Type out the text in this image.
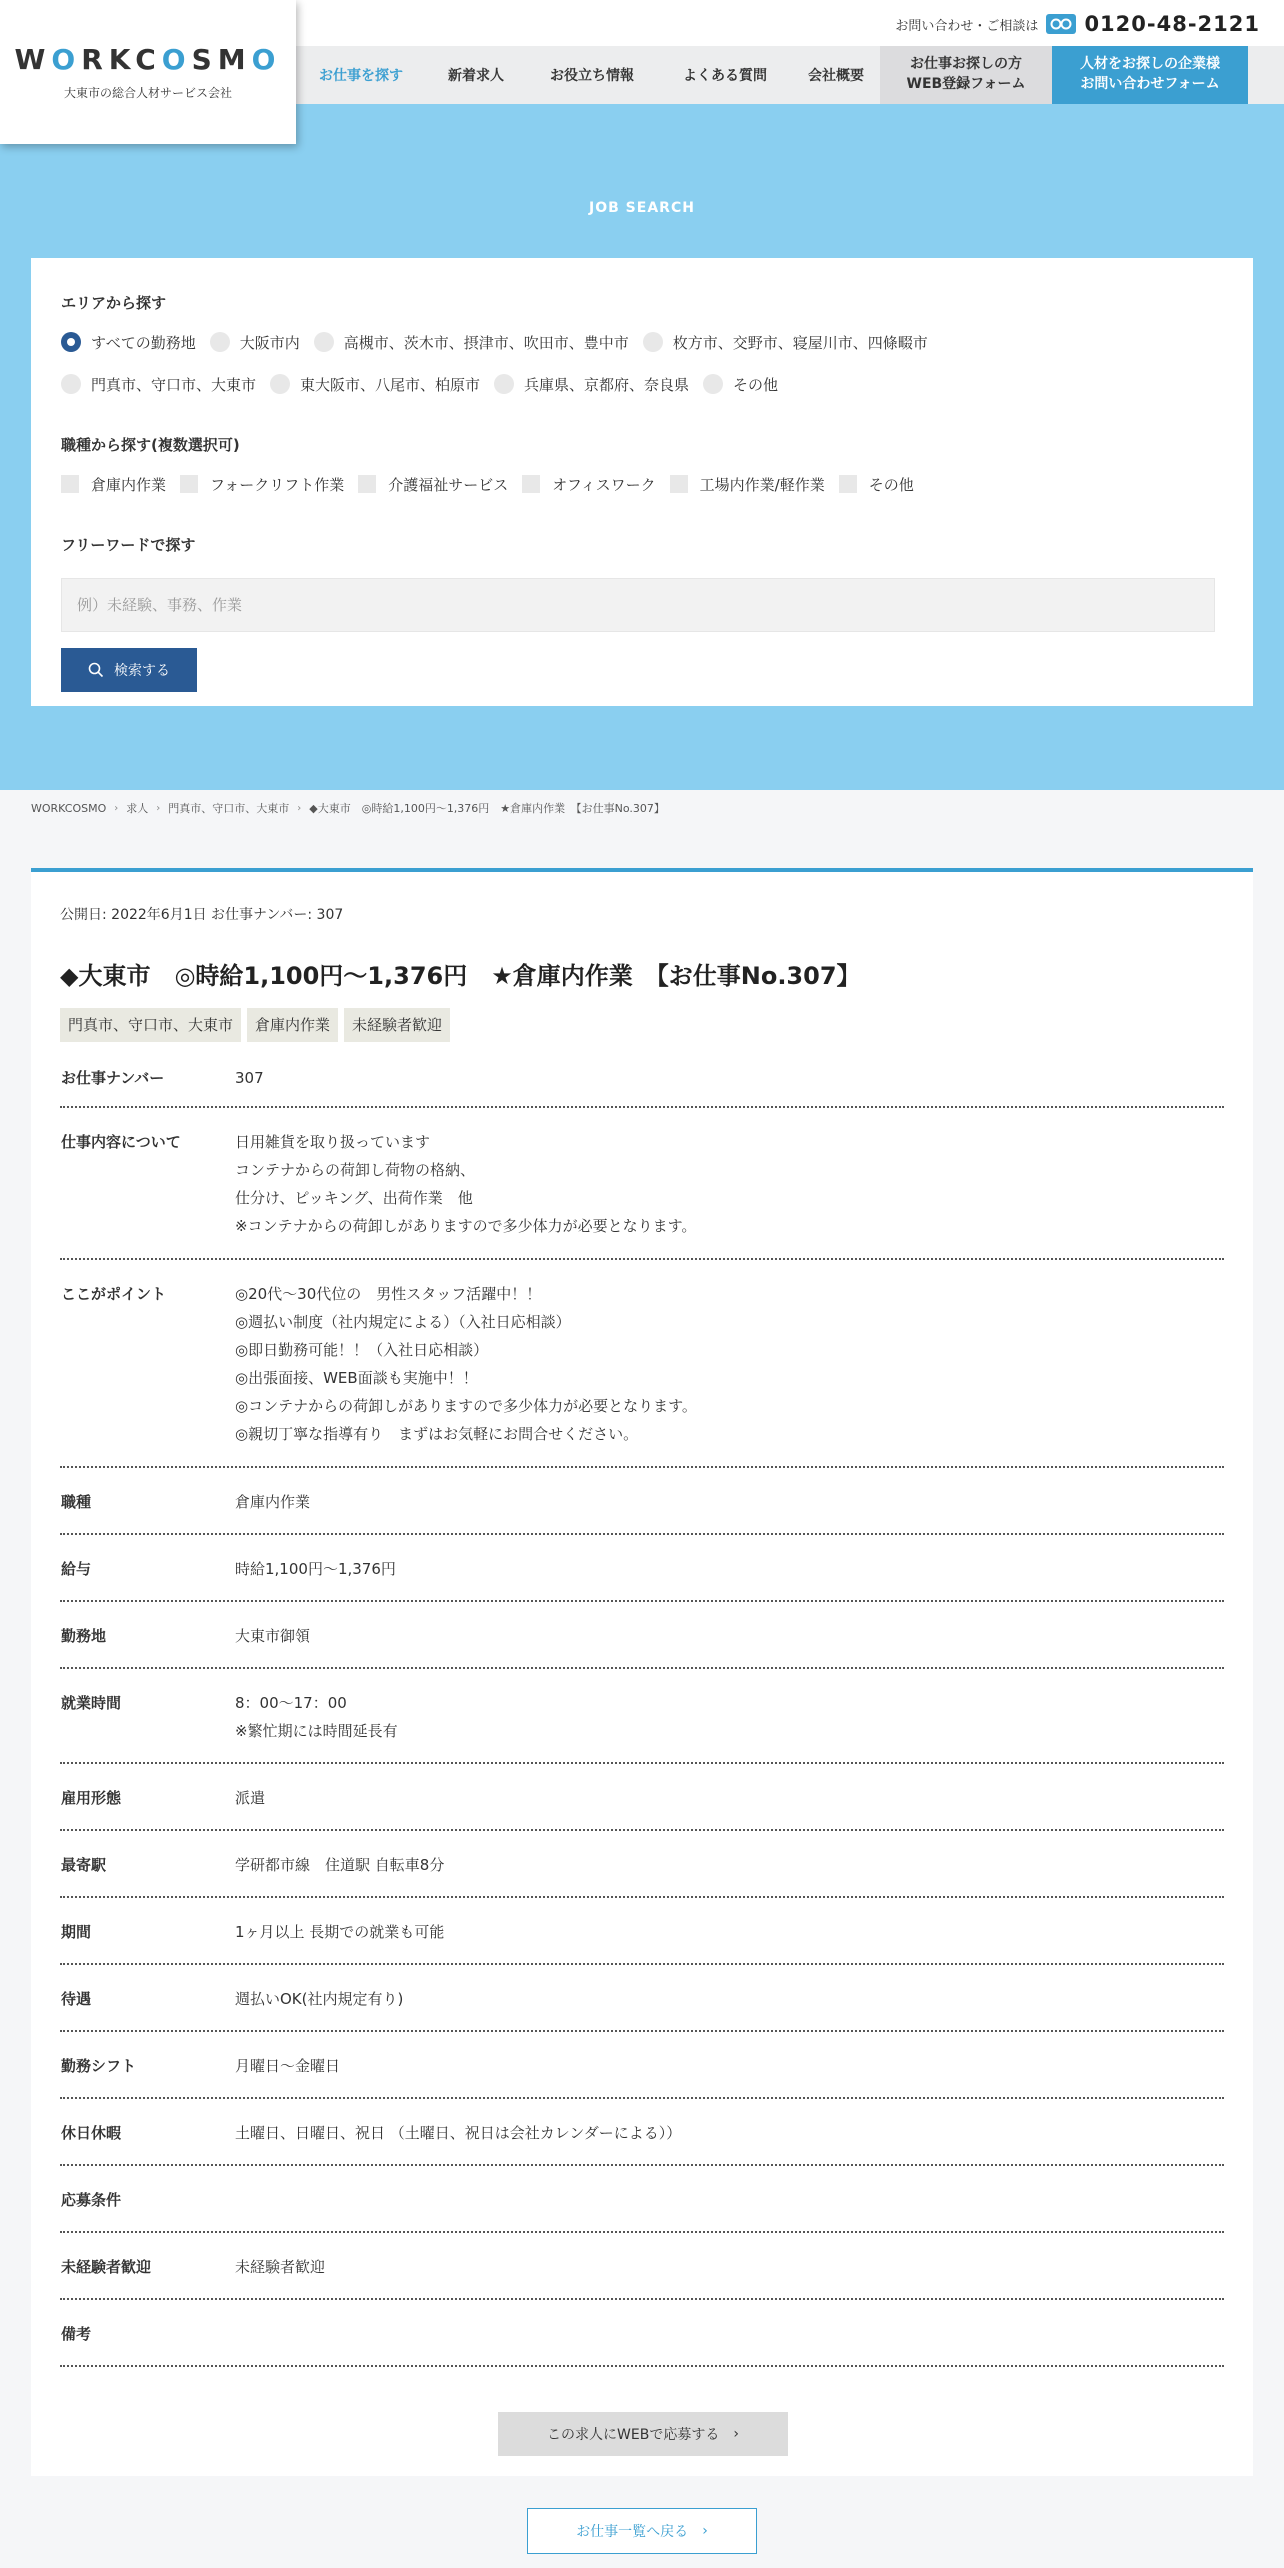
WORKCOSMO
大東市の総合人材サービス会社
お問い合わせ・ご相談は 0120-48-2121
お仕事を探す	新着求人	お役立ち情報	よくある質問	会社概要
お仕事お探しの方
WEB登録フォーム
人材をお探しの企業様
お問い合わせフォーム
JOB SEARCH
エリアから探す
すべての勤務地	大阪市内	高槻市、茨木市、摂津市、吹田市、豊中市	枚方市、交野市、寝屋川市、四條畷市
門真市、守口市、大東市	東大阪市、八尾市、柏原市	兵庫県、京都府、奈良県	その他
職種から探す(複数選択可)
倉庫内作業	フォークリフト作業	介護福祉サービス	オフィスワーク	工場内作業/軽作業	その他
フリーワードで探す
例）未経験、事務、作業
検索する
WORKCOSMO › 求人 › 門真市、守口市、大東市 › ◆大東市　◎時給1,100円〜1,376円　★倉庫内作業　【お仕事No.307】
公開日: 2022年6月1日 お仕事ナンバー: 307
◆大東市　◎時給1,100円〜1,376円　★倉庫内作業　【お仕事No.307】
門真市、守口市、大東市	倉庫内作業	未経験者歓迎
お仕事ナンバー	307
仕事内容について	日用雑貨を取り扱っています
コンテナからの荷卸し荷物の格納、
仕分け、ピッキング、出荷作業　他
※コンテナからの荷卸しがありますので多少体力が必要となります。
ここがポイント	◎20代〜30代位の　男性スタッフ活躍中！！
◎週払い制度（社内規定による）（入社日応相談）
◎即日勤務可能！！（入社日応相談）
◎出張面接、WEB面談も実施中！！
◎コンテナからの荷卸しがありますので多少体力が必要となります。
◎親切丁寧な指導有り　まずはお気軽にお問合せください。
職種	倉庫内作業
給与	時給1,100円〜1,376円
勤務地	大東市御領
就業時間	8：00〜17：00
※繁忙期には時間延長有
雇用形態	派遣
最寄駅	学研都市線　住道駅 自転車8分
期間	1ヶ月以上 長期での就業も可能
待遇	週払いOK(社内規定有り)
勤務シフト	月曜日〜金曜日
休日休暇	土曜日、日曜日、祝日 （土曜日、祝日は会社カレンダーによる））
応募条件
未経験者歓迎	未経験者歓迎
備考
この求人にWEBで応募する ›
お仕事一覧へ戻る ›
